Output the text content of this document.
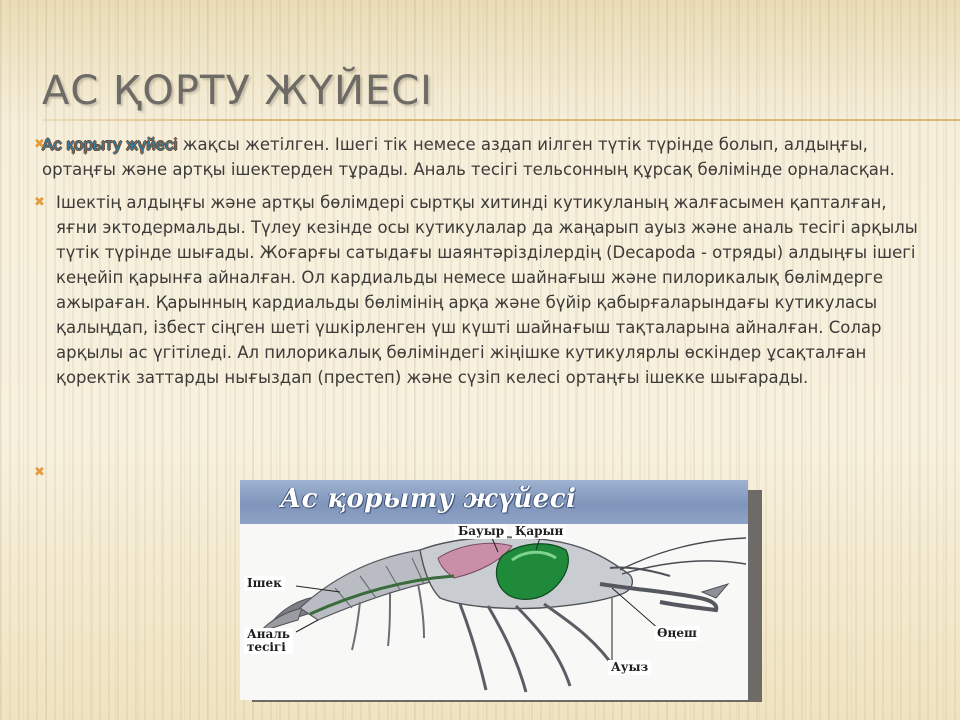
АС ҚОРТУ ЖҮЙЕСІ

✖
Ас қорыту жүйесі жақсы жетілген. Ішегі тік немесе аздап иілген түтік түрінде болып, алдыңғы, ортаңғы және артқы ішектерден тұрады. Аналь тесігі тельсонның құрсақ бөлімінде орналасқан.

✖ Ішектің алдыңғы және артқы бөлімдері сыртқы хитинді кутикуланың жалғасымен қапталған, яғни эктодермальды. Түлеу кезінде осы кутикулалар да жаңарып ауыз және аналь тесігі арқылы түтік түрінде шығады. Жоғарғы сатыдағы шаянтәрізділердің (Decapoda - отряды) алдыңғы ішегі кеңейіп қарынға айналған. Ол кардиальды немесе шайнағыш және пилорикалық бөлімдерге ажыраған. Қарынның кардиальды бөлімінің арқа және бүйір қабырғаларындағы кутикуласы қалыңдап, ізбест сіңген шеті үшкірленген үш күшті шайнағыш тақталарына айналған. Солар арқылы ас үгітіледі. Ал пилорикалық бөліміндегі жіңішке кутикулярлы өскіндер ұсақталған қоректік заттарды нығыздап (престеп) және сүзіп келесі ортаңғы ішекке шығарады.

✖
Ас қорыту жүйесі
Бауыр Қарын
Ішек
Аналь
тесігі
Өңеш
Ауыз
